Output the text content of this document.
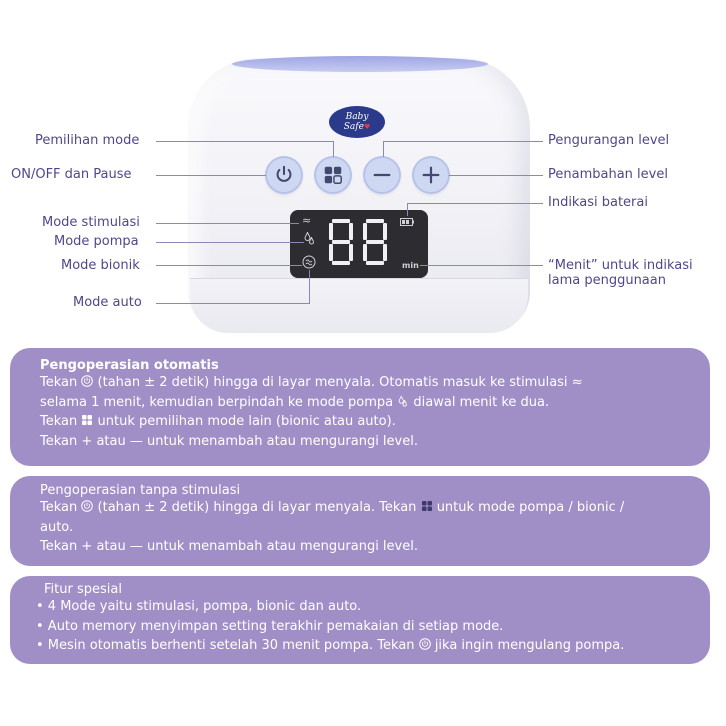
Baby
Safe♥
≈
min
Pemilihan mode
ON/OFF dan Pause
Mode stimulasi
Mode pompa
Mode bionik
Mode auto
Pengurangan level
Penambahan level
Indikasi baterai
“Menit” untuk indikasi
lama penggunaan
Pengoperasian otomatis
Tekan (tahan ± 2 detik) hingga di layar menyala. Otomatis masuk ke stimulasi ≈
selama 1 menit, kemudian berpindah ke mode pompa diawal menit ke dua.
Tekan untuk pemilihan mode lain (bionic atau auto).
Tekan + atau — untuk menambah atau mengurangi level.
Pengoperasian tanpa stimulasi
Tekan (tahan ± 2 detik) hingga di layar menyala. Tekan untuk mode pompa / bionic /
auto.
Tekan + atau — untuk menambah atau mengurangi level.
Fitur spesial
• 4 Mode yaitu stimulasi, pompa, bionic dan auto.
• Auto memory menyimpan setting terakhir pemakaian di setiap mode.
• Mesin otomatis berhenti setelah 30 menit pompa. Tekan jika ingin mengulang pompa.
